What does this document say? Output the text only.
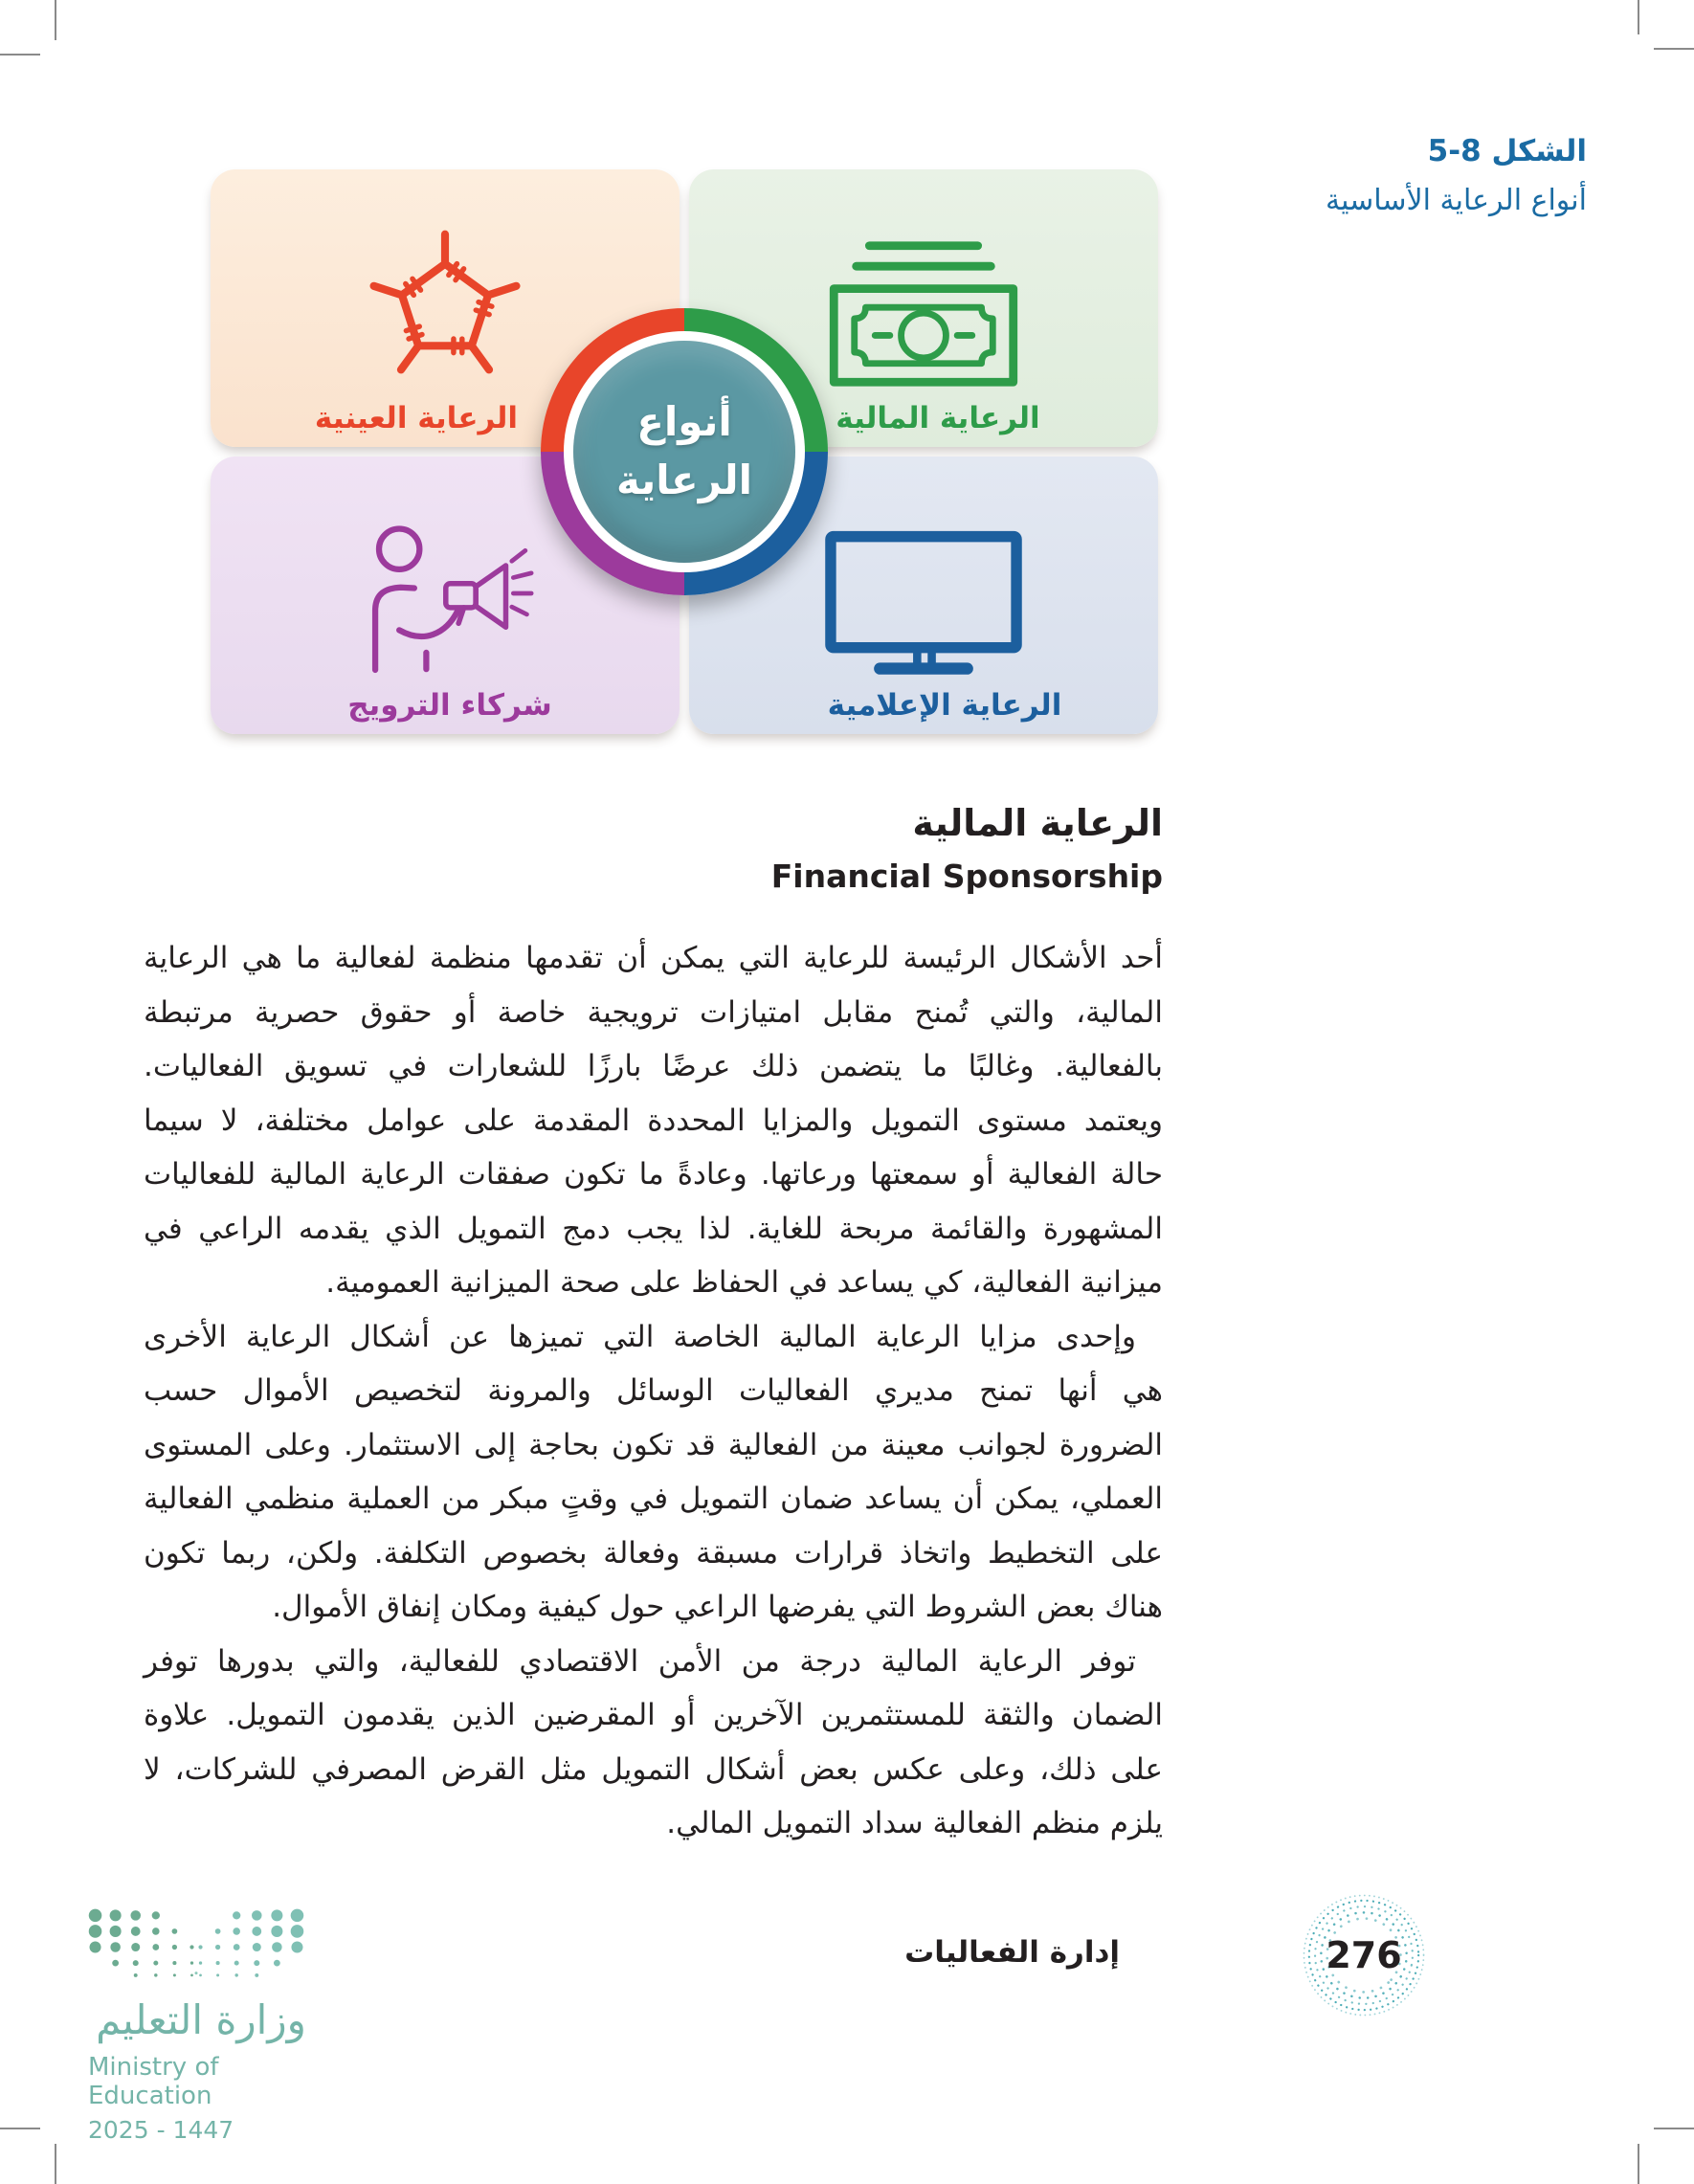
الشكل 8-5
أنواع الرعاية الأساسية
الرعاية العينية	الرعاية المالية
شركاء الترويج	الرعاية الإعلامية
أنواع
الرعاية
الرعاية المالية
Financial Sponsorship
أحد الأشكال الرئيسة للرعاية التي يمكن أن تقدمها منظمة لفعالية ما هي الرعاية
المالية، والتي تُمنح مقابل امتيازات ترويجية خاصة أو حقوق حصرية مرتبطة
بالفعالية. وغالبًا ما يتضمن ذلك عرضًا بارزًا للشعارات في تسويق الفعاليات.
ويعتمد مستوى التمويل والمزايا المحددة المقدمة على عوامل مختلفة، لا سيما
حالة الفعالية أو سمعتها ورعاتها. وعادةً ما تكون صفقات الرعاية المالية للفعاليات
المشهورة والقائمة مربحة للغاية. لذا يجب دمج التمويل الذي يقدمه الراعي في
ميزانية الفعالية، كي يساعد في الحفاظ على صحة الميزانية العمومية.
وإحدى مزايا الرعاية المالية الخاصة التي تميزها عن أشكال الرعاية الأخرى
هي أنها تمنح مديري الفعاليات الوسائل والمرونة لتخصيص الأموال حسب
الضرورة لجوانب معينة من الفعالية قد تكون بحاجة إلى الاستثمار. وعلى المستوى
العملي، يمكن أن يساعد ضمان التمويل في وقتٍ مبكر من العملية منظمي الفعالية
على التخطيط واتخاذ قرارات مسبقة وفعالة بخصوص التكلفة. ولكن، ربما تكون
هناك بعض الشروط التي يفرضها الراعي حول كيفية ومكان إنفاق الأموال.
توفر الرعاية المالية درجة من الأمن الاقتصادي للفعالية، والتي بدورها توفر
الضمان والثقة للمستثمرين الآخرين أو المقرضين الذين يقدمون التمويل. علاوة
على ذلك، وعلى عكس بعض أشكال التمويل مثل القرض المصرفي للشركات، لا
يلزم منظم الفعالية سداد التمويل المالي.
وزارة التعليم
Ministry of Education
2025 - 1447
إدارة الفعاليات	276
